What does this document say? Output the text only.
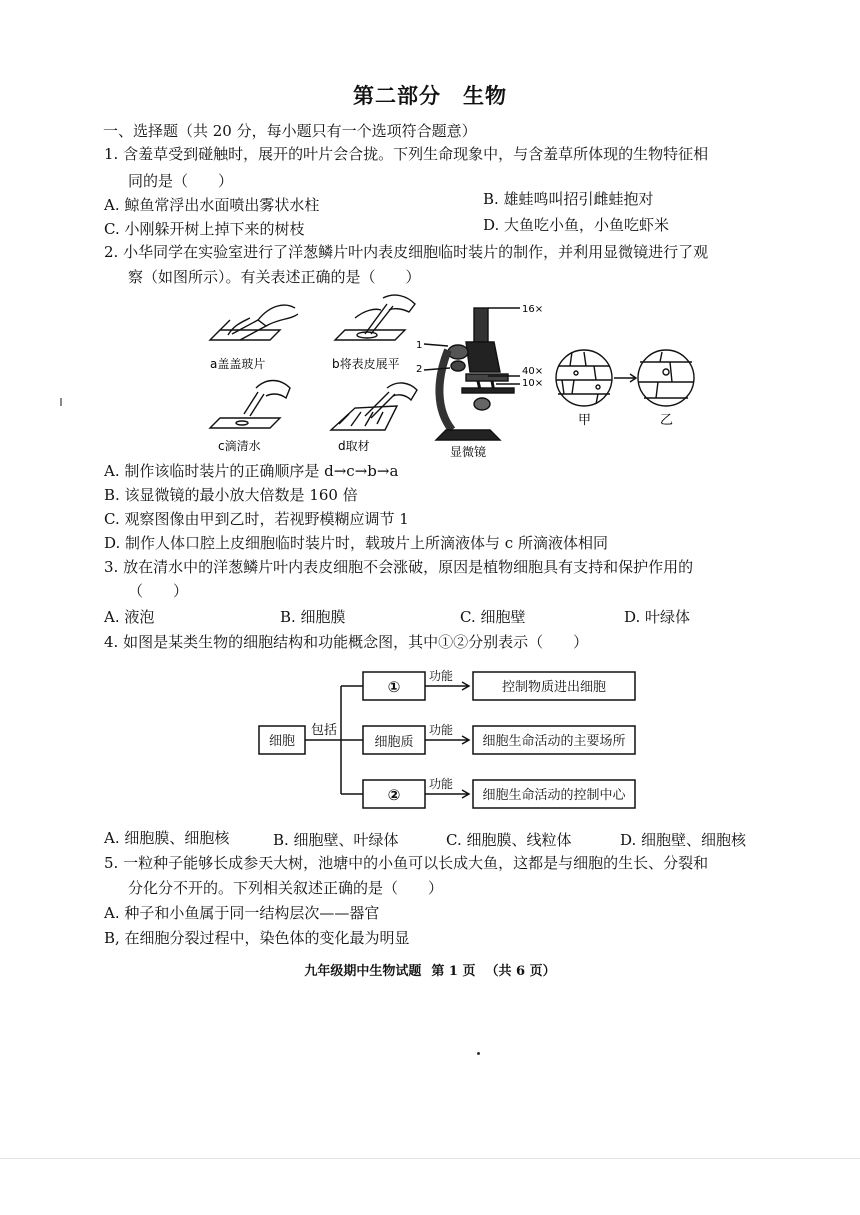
第二部分 生物
一、选择题（共 20 分，每小题只有一个选项符合题意）
1. 含羞草受到碰触时，展开的叶片会合拢。下列生命现象中，与含羞草所体现的生物特征相
同的是（　　）
A. 鲸鱼常浮出水面喷出雾状水柱	B. 雄蛙鸣叫招引雌蛙抱对
C. 小刚躲开树上掉下来的树枝	D. 大鱼吃小鱼，小鱼吃虾米
2. 小华同学在实验室进行了洋葱鳞片叶内表皮细胞临时装片的制作，并利用显微镜进行了观
察（如图所示）。有关表述正确的是（　　）
a盖盖玻片	b将表皮展平
c滴清水	d取材	显微镜
16×
40×
10×
1
2
甲	乙
A. 制作该临时装片的正确顺序是 d→c→b→a
B. 该显微镜的最小放大倍数是 160 倍
C. 观察图像由甲到乙时，若视野模糊应调节 1
D. 制作人体口腔上皮细胞临时装片时，载玻片上所滴液体与 c 所滴液体相同
3. 放在清水中的洋葱鳞片叶内表皮细胞不会涨破，原因是植物细胞具有支持和保护作用的
（　　）
A. 液泡	B. 细胞膜	C. 细胞壁	D. 叶绿体
4. 如图是某类生物的细胞结构和功能概念图，其中①②分别表示（　　）
细胞
包括
①
细胞质
②
功能
功能
功能
控制物质进出细胞
细胞生命活动的主要场所
细胞生命活动的控制中心
A. 细胞膜、细胞核	B. 细胞壁、叶绿体	C. 细胞膜、线粒体	D. 细胞壁、细胞核
5. 一粒种子能够长成参天大树，池塘中的小鱼可以长成大鱼，这都是与细胞的生长、分裂和
分化分不开的。下列相关叙述正确的是（　　）
A. 种子和小鱼属于同一结构层次——器官
B, 在细胞分裂过程中，染色体的变化最为明显
九年级期中生物试题 第 1 页 （共 6 页）
